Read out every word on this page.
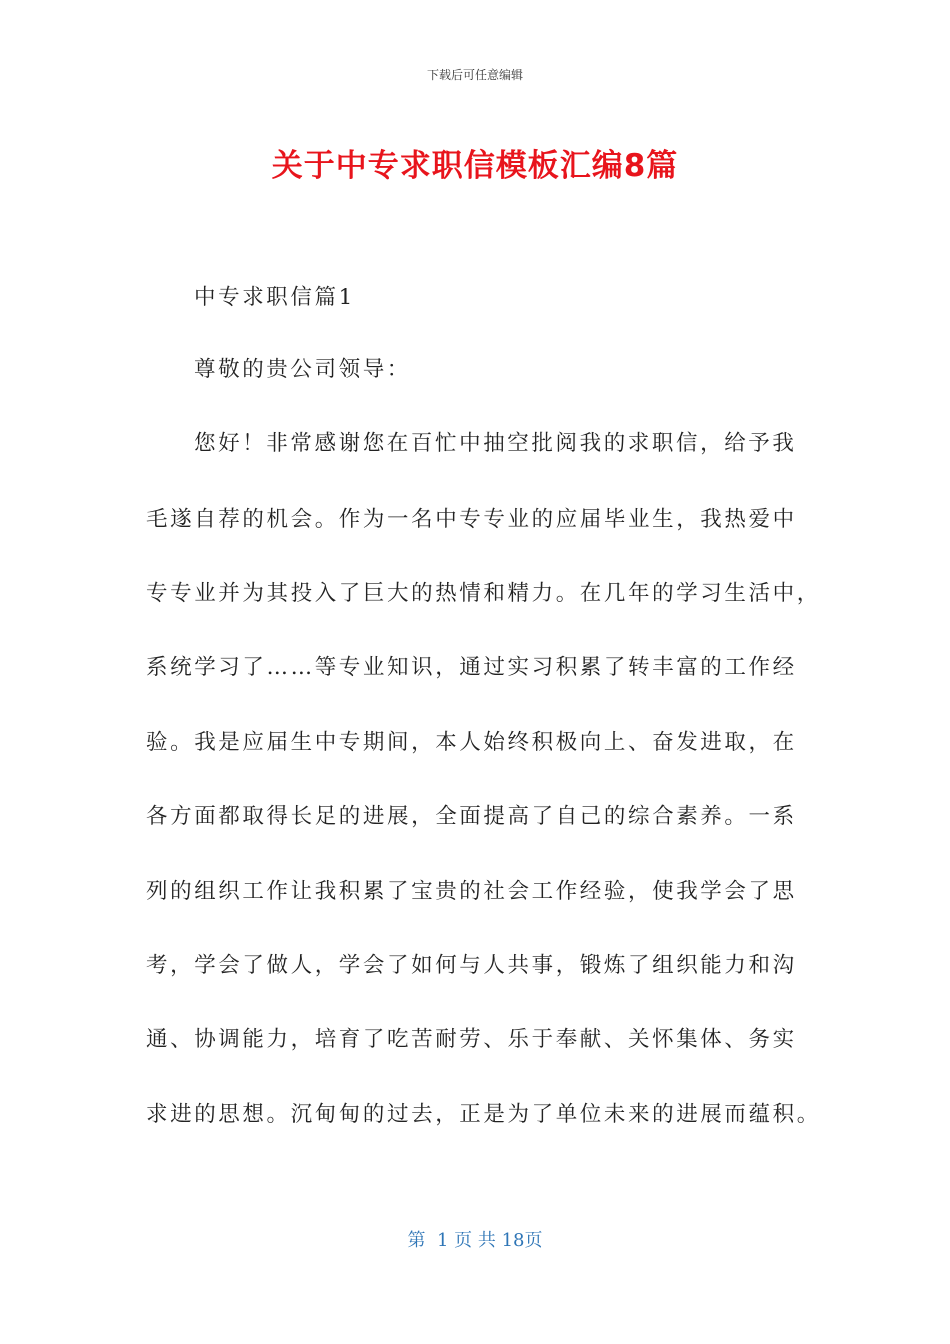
下载后可任意编辑
关于中专求职信模板汇编8篇
中专求职信篇1
尊敬的贵公司领导：
您好！非常感谢您在百忙中抽空批阅我的求职信，给予我
毛遂自荐的机会。作为一名中专专业的应届毕业生，我热爱中
专专业并为其投入了巨大的热情和精力。在几年的学习生活中，
系统学习了……等专业知识，通过实习积累了转丰富的工作经
验。我是应届生中专期间，本人始终积极向上、奋发进取，在
各方面都取得长足的进展，全面提高了自己的综合素养。一系
列的组织工作让我积累了宝贵的社会工作经验，使我学会了思
考，学会了做人，学会了如何与人共事，锻炼了组织能力和沟
通、协调能力，培育了吃苦耐劳、乐于奉献、关怀集体、务实
求进的思想。沉甸甸的过去，正是为了单位未来的进展而蕴积。
第  1 页 共 18页
